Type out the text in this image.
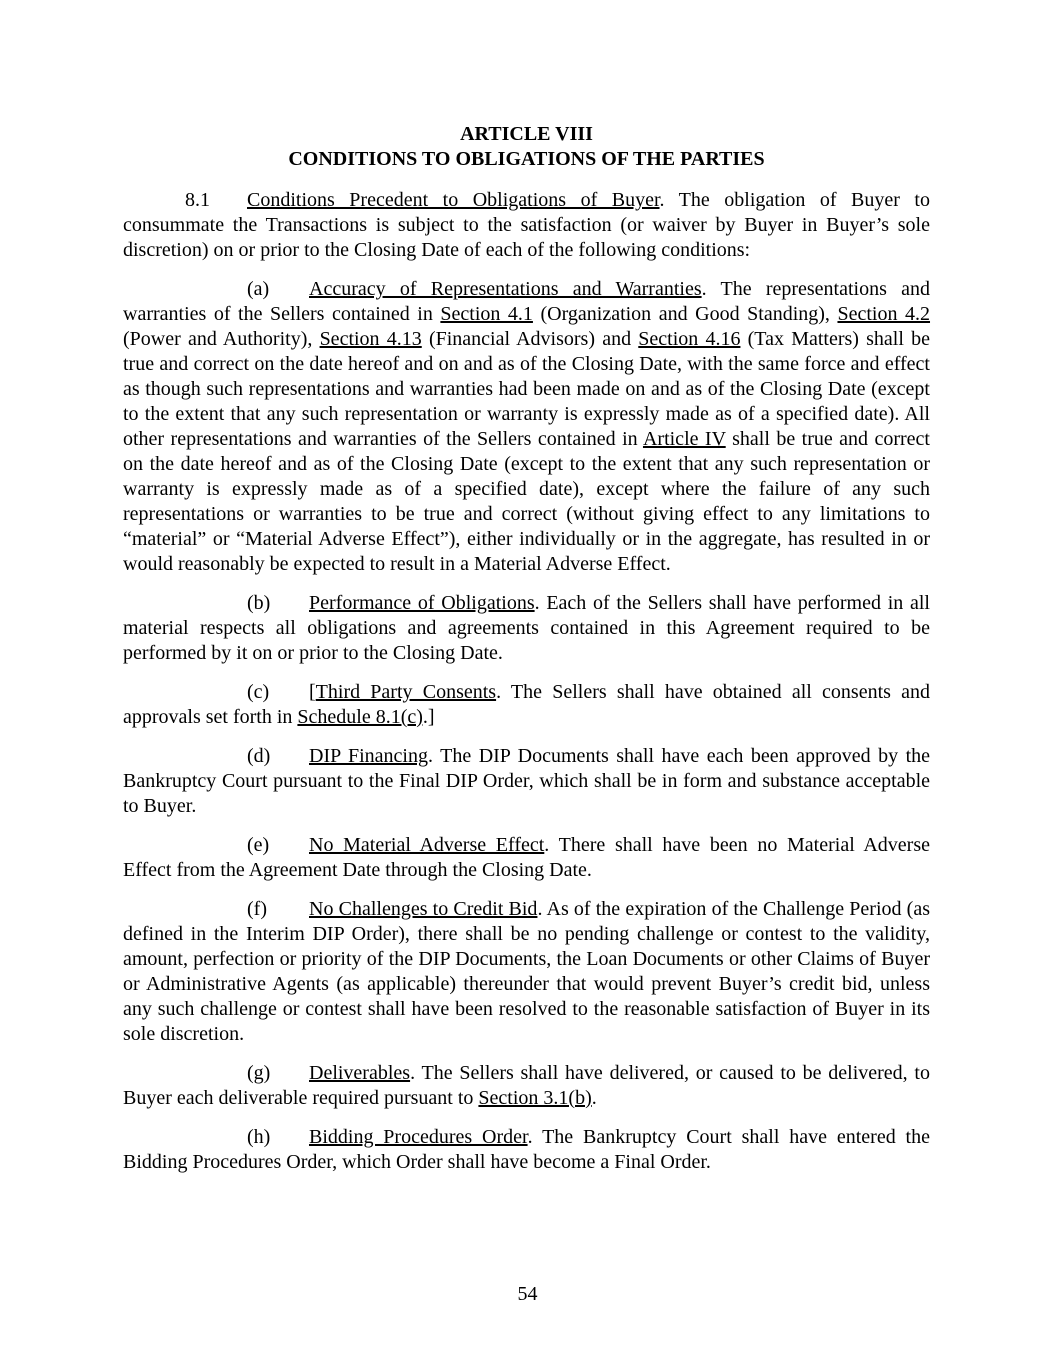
ARTICLE VIII
CONDITIONS TO OBLIGATIONS OF THE PARTIES

8.1 Conditions Precedent to Obligations of Buyer. The obligation of Buyer to consummate the Transactions is subject to the satisfaction (or waiver by Buyer in Buyer’s sole discretion) on or prior to the Closing Date of each of the following conditions:

(a) Accuracy of Representations and Warranties. The representations and warranties of the Sellers contained in Section 4.1 (Organization and Good Standing), Section 4.2 (Power and Authority), Section 4.13 (Financial Advisors) and Section 4.16 (Tax Matters) shall be true and correct on the date hereof and on and as of the Closing Date, with the same force and effect as though such representations and warranties had been made on and as of the Closing Date (except to the extent that any such representation or warranty is expressly made as of a specified date). All other representations and warranties of the Sellers contained in Article IV shall be true and correct on the date hereof and as of the Closing Date (except to the extent that any such representation or warranty is expressly made as of a specified date), except where the failure of any such representations or warranties to be true and correct (without giving effect to any limitations to “material” or “Material Adverse Effect”), either individually or in the aggregate, has resulted in or would reasonably be expected to result in a Material Adverse Effect.

(b) Performance of Obligations. Each of the Sellers shall have performed in all material respects all obligations and agreements contained in this Agreement required to be performed by it on or prior to the Closing Date.

(c) [Third Party Consents. The Sellers shall have obtained all consents and approvals set forth in Schedule 8.1(c).]

(d) DIP Financing. The DIP Documents shall have each been approved by the Bankruptcy Court pursuant to the Final DIP Order, which shall be in form and substance acceptable to Buyer.

(e) No Material Adverse Effect. There shall have been no Material Adverse Effect from the Agreement Date through the Closing Date.

(f) No Challenges to Credit Bid. As of the expiration of the Challenge Period (as defined in the Interim DIP Order), there shall be no pending challenge or contest to the validity, amount, perfection or priority of the DIP Documents, the Loan Documents or other Claims of Buyer or Administrative Agents (as applicable) thereunder that would prevent Buyer’s credit bid, unless any such challenge or contest shall have been resolved to the reasonable satisfaction of Buyer in its sole discretion.

(g) Deliverables. The Sellers shall have delivered, or caused to be delivered, to Buyer each deliverable required pursuant to Section 3.1(b).

(h) Bidding Procedures Order. The Bankruptcy Court shall have entered the Bidding Procedures Order, which Order shall have become a Final Order.

54
